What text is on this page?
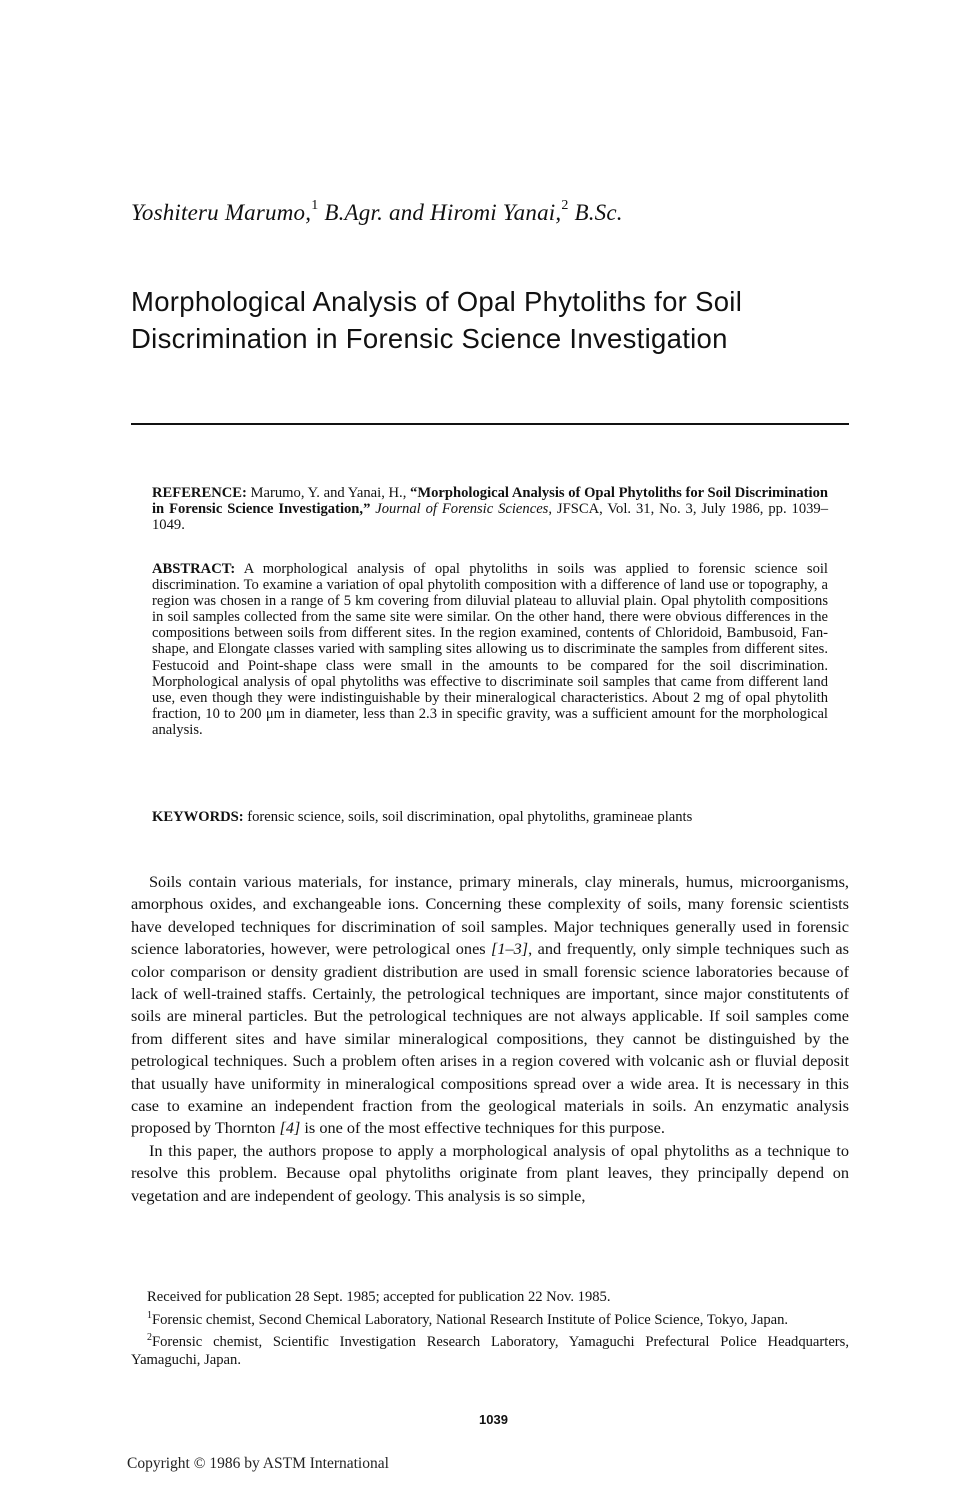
Yoshiteru Marumo,$^1$ B.Agr. and Hiromi Yanai,$^2$ B.Sc.
Morphological Analysis of Opal Phytoliths for Soil
Discrimination in Forensic Science Investigation
REFERENCE: Marumo, Y. and Yanai, H., “Morphological Analysis of Opal Phytoliths for Soil Discrimination in Forensic Science Investigation,” Journal of Forensic Sciences, JFSCA, Vol. 31, No. 3, July 1986, pp. 1039–1049.
ABSTRACT: A morphological analysis of opal phytoliths in soils was applied to forensic science soil discrimination. To examine a variation of opal phytolith composition with a difference of land use or topography, a region was chosen in a range of 5 km covering from diluvial plateau to alluvial plain. Opal phytolith compositions in soil samples collected from the same site were similar. On the other hand, there were obvious differences in the compositions between soils from different sites. In the region examined, contents of Chloridoid, Bambusoid, Fan-shape, and Elongate classes varied with sampling sites allowing us to discriminate the samples from different sites. Festucoid and Point-shape class were small in the amounts to be compared for the soil discrimination. Morphological analysis of opal phytoliths was effective to discriminate soil samples that came from different land use, even though they were indistinguishable by their mineralogical characteristics. About 2 mg of opal phytolith fraction, 10 to 200 μm in diameter, less than 2.3 in specific gravity, was a sufficient amount for the morphological analysis.
KEYWORDS: forensic science, soils, soil discrimination, opal phytoliths, gramineae plants

Soils contain various materials, for instance, primary minerals, clay minerals, humus, microorganisms, amorphous oxides, and exchangeable ions. Concerning these complexity of soils, many forensic scientists have developed techniques for discrimination of soil samples. Major techniques generally used in forensic science laboratories, however, were petrological ones [1–3], and frequently, only simple techniques such as color comparison or density gradient distribution are used in small forensic science laboratories because of lack of well-trained staffs. Certainly, the petrological techniques are important, since major constitutents of soils are mineral particles. But the petrological techniques are not always applicable. If soil samples come from different sites and have similar mineralogical compositions, they cannot be distinguished by the petrological techniques. Such a problem often arises in a region covered with volcanic ash or fluvial deposit that usually have uniformity in mineralogical compositions spread over a wide area. It is necessary in this case to examine an independent fraction from the geological materials in soils. An enzymatic analysis proposed by Thornton [4] is one of the most effective techniques for this purpose.

In this paper, the authors propose to apply a morphological analysis of opal phytoliths as a technique to resolve this problem. Because opal phytoliths originate from plant leaves, they principally depend on vegetation and are independent of geology. This analysis is so simple,

Received for publication 28 Sept. 1985; accepted for publication 22 Nov. 1985.

$^1$Forensic chemist, Second Chemical Laboratory, National Research Institute of Police Science, Tokyo, Japan.

$^2$Forensic chemist, Scientific Investigation Research Laboratory, Yamaguchi Prefectural Police Headquarters, Yamaguchi, Japan.

1039
Copyright © 1986 by ASTM International
